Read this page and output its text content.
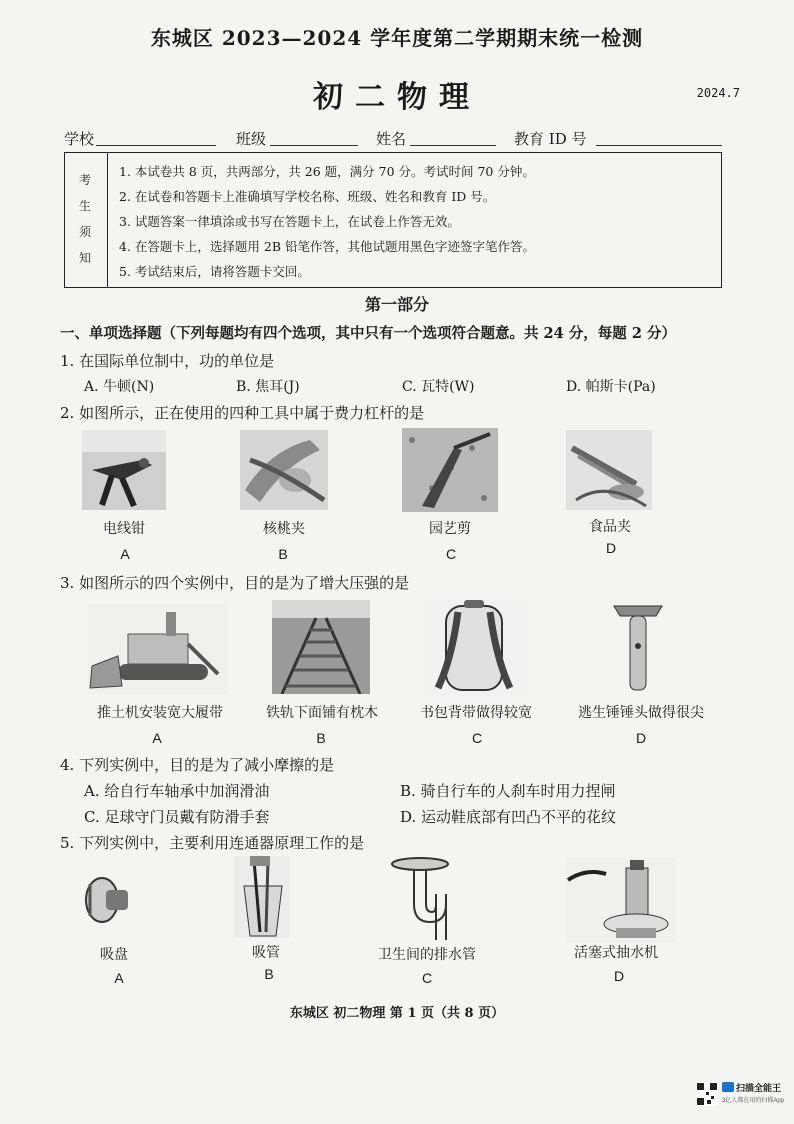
东城区 2023—2024 学年度第二学期期末统一检测
初二物理	2024.7
学校	班级	姓名	教育 ID 号
考
生
须
知
1. 本试卷共 8 页，共两部分，共 26 题，满分 70 分。考试时间 70 分钟。
2. 在试卷和答题卡上准确填写学校名称、班级、姓名和教育 ID 号。
3. 试题答案一律填涂或书写在答题卡上，在试卷上作答无效。
4. 在答题卡上，选择题用 2B 铅笔作答，其他试题用黑色字迹签字笔作答。
5. 考试结束后，请将答题卡交回。
第一部分
一、单项选择题（下列每题均有四个选项，其中只有一个选项符合题意。共 24 分，每题 2 分）
1. 在国际单位制中，功的单位是
A. 牛顿(N)	B. 焦耳(J)	C. 瓦特(W)	D. 帕斯卡(Pa)
2. 如图所示，正在使用的四种工具中属于费力杠杆的是
电线钳	核桃夹	园艺剪	食品夹
A	B	C	D
3. 如图所示的四个实例中，目的是为了增大压强的是
推土机安装宽大履带	铁轨下面铺有枕木	书包背带做得较宽	逃生锤锤头做得很尖
A	B	C	D
4. 下列实例中，目的是为了减小摩擦的是
A. 给自行车轴承中加润滑油	B. 骑自行车的人刹车时用力捏闸
C. 足球守门员戴有防滑手套	D. 运动鞋底部有凹凸不平的花纹
5. 下列实例中，主要利用连通器原理工作的是
吸盘	吸管	卫生间的排水管	活塞式抽水机
A	B	C	D
东城区 初二物理 第 1 页（共 8 页）
扫描全能王
3亿人都在用的扫描App
